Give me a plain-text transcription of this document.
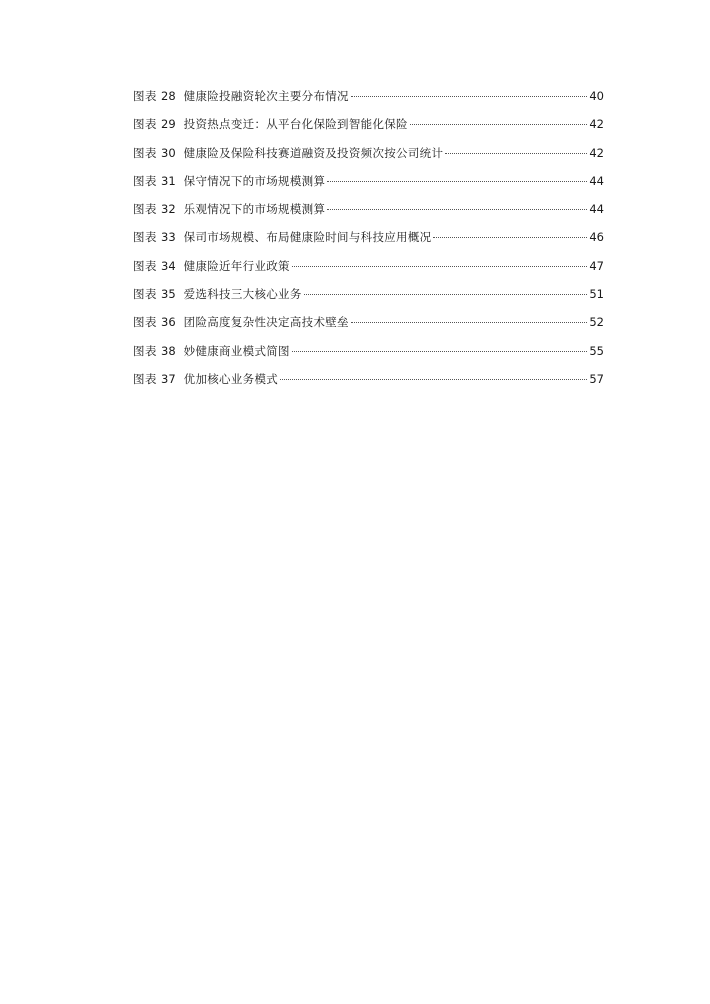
图表 28 健康险投融资轮次主要分布情况	40
图表 29 投资热点变迁：从平台化保险到智能化保险	42
图表 30 健康险及保险科技赛道融资及投资频次按公司统计	42
图表 31 保守情况下的市场规模测算	44
图表 32 乐观情况下的市场规模测算	44
图表 33 保司市场规模、布局健康险时间与科技应用概况	46
图表 34 健康险近年行业政策	47
图表 35 爱选科技三大核心业务	51
图表 36 团险高度复杂性决定高技术壁垒	52
图表 38 妙健康商业模式简图	55
图表 37 优加核心业务模式	57
